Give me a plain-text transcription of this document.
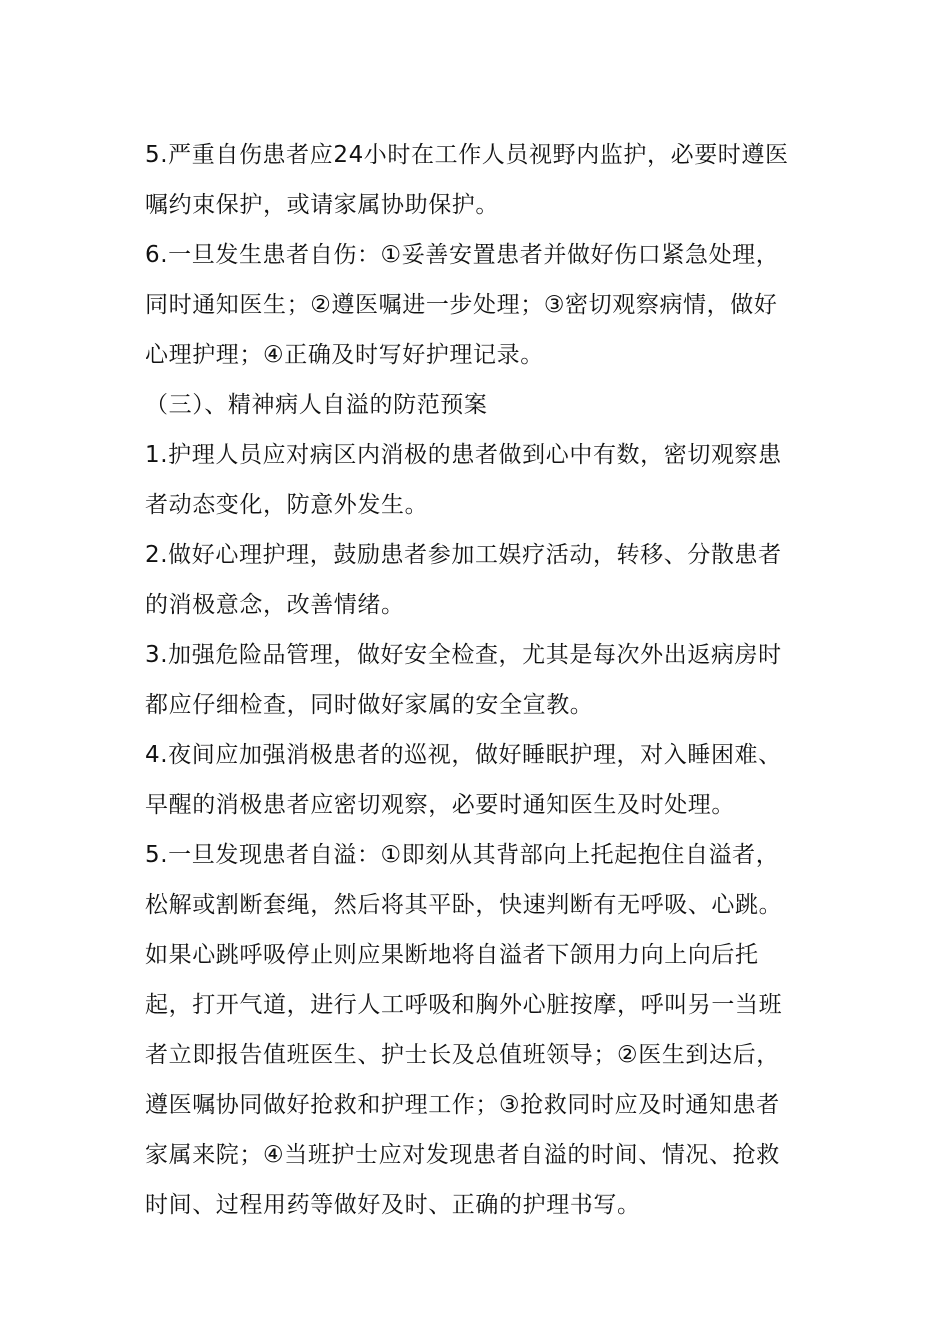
5.严重自伤患者应24小时在工作人员视野内监护，必要时遵医
嘱约束保护，或请家属协助保护。
6.一旦发生患者自伤：①妥善安置患者并做好伤口紧急处理，
同时通知医生；②遵医嘱进一步处理；③密切观察病情，做好
心理护理；④正确及时写好护理记录。
（三）、精神病人自溢的防范预案
1.护理人员应对病区内消极的患者做到心中有数，密切观察患
者动态变化，防意外发生。
2.做好心理护理，鼓励患者参加工娱疗活动，转移、分散患者
的消极意念，改善情绪。
3.加强危险品管理，做好安全检查，尤其是每次外出返病房时
都应仔细检查，同时做好家属的安全宣教。
4.夜间应加强消极患者的巡视，做好睡眠护理，对入睡困难、
早醒的消极患者应密切观察，必要时通知医生及时处理。
5.一旦发现患者自溢：①即刻从其背部向上托起抱住自溢者，
松解或割断套绳，然后将其平卧，快速判断有无呼吸、心跳。
如果心跳呼吸停止则应果断地将自溢者下颌用力向上向后托
起，打开气道，进行人工呼吸和胸外心脏按摩，呼叫另一当班
者立即报告值班医生、护士长及总值班领导；②医生到达后，
遵医嘱协同做好抢救和护理工作；③抢救同时应及时通知患者
家属来院；④当班护士应对发现患者自溢的时间、情况、抢救
时间、过程用药等做好及时、正确的护理书写。
